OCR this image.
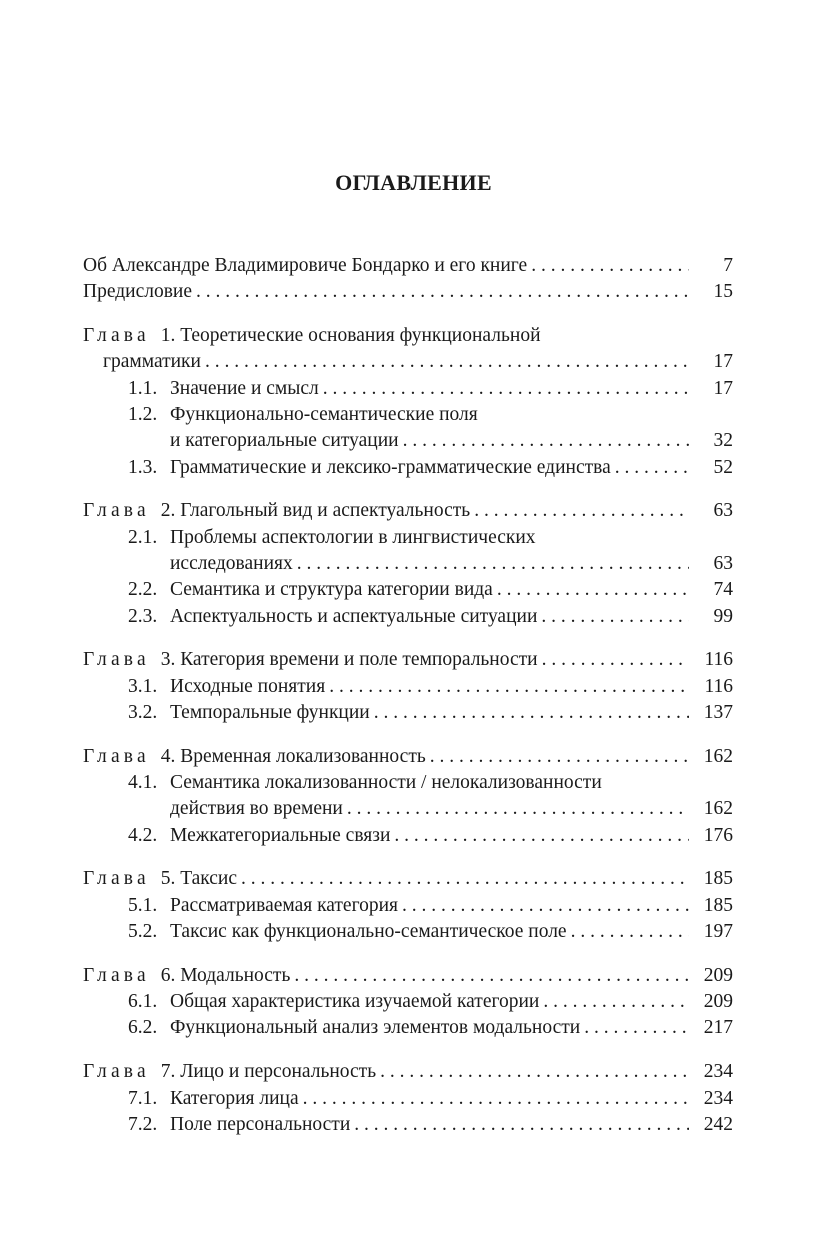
ОГЛАВЛЕНИЕ
Об Александре Владимировиче Бондарко и его книге . . .	7
Предисловие . . .	15
Глава 1. Теоретические основания функциональной
грамматики . . .	17
1.1. Значение и смысл . . .	17
1.2. Функционально-семантические поля
и категориальные ситуации . . .	32
1.3. Грамматические и лексико-грамматические единства . . .	52
Глава 2. Глагольный вид и аспектуальность . . .	63
2.1. Проблемы аспектологии в лингвистических
исследованиях . . .	63
2.2. Семантика и структура категории вида . . .	74
2.3. Аспектуальность и аспектуальные ситуации . . .	99
Глава 3. Категория времени и поле темпоральности . . .	116
3.1. Исходные понятия . . .	116
3.2. Темпоральные функции . . .	137
Глава 4. Временная локализованность . . .	162
4.1. Семантика локализованности / нелокализованности
действия во времени . . .	162
4.2. Межкатегориальные связи . . .	176
Глава 5. Таксис . . .	185
5.1. Рассматриваемая категория . . .	185
5.2. Таксис как функционально-семантическое поле . . .	197
Глава 6. Модальность . . .	209
6.1. Общая характеристика изучаемой категории . . .	209
6.2. Функциональный анализ элементов модальности . . .	217
Глава 7. Лицо и персональность . . .	234
7.1. Категория лица . . .	234
7.2. Поле персональности . . .	242
